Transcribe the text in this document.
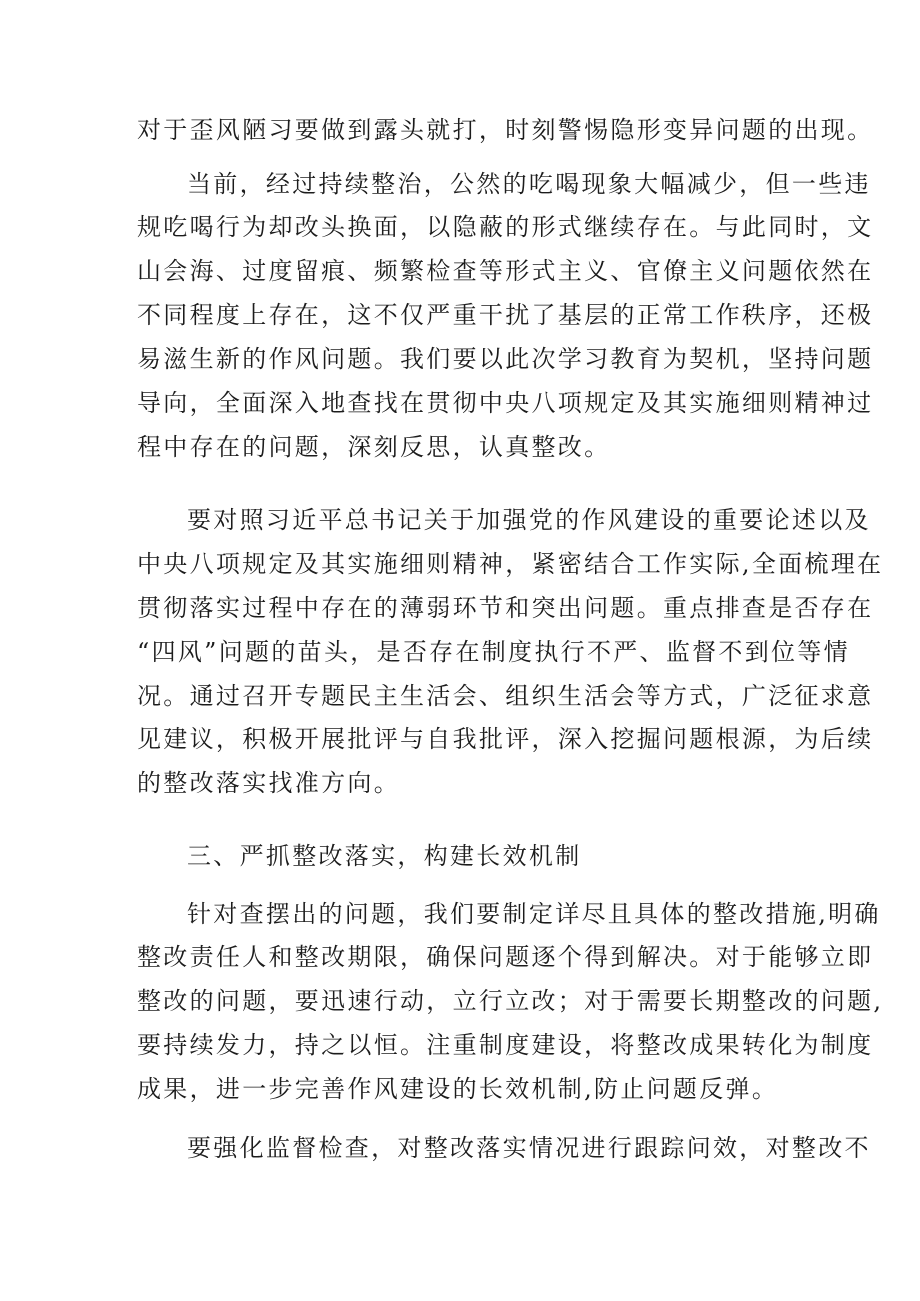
对于歪风陋习要做到露头就打，时刻警惕隐形变异问题的出现。

当前，经过持续整治，公然的吃喝现象大幅减少，但一些违

规吃喝行为却改头换面，以隐蔽的形式继续存在。与此同时，文

山会海、过度留痕、频繁检查等形式主义、官僚主义问题依然在

不同程度上存在，这不仅严重干扰了基层的正常工作秩序，还极

易滋生新的作风问题。我们要以此次学习教育为契机，坚持问题

导向，全面深入地查找在贯彻中央八项规定及其实施细则精神过

程中存在的问题，深刻反思，认真整改。

要对照习近平总书记关于加强党的作风建设的重要论述以及

中央八项规定及其实施细则精神，紧密结合工作实际,全面梳理在

贯彻落实过程中存在的薄弱环节和突出问题。重点排查是否存在

“四风”问题的苗头，是否存在制度执行不严、监督不到位等情

况。通过召开专题民主生活会、组织生活会等方式，广泛征求意

见建议，积极开展批评与自我批评，深入挖掘问题根源，为后续

的整改落实找准方向。

三、严抓整改落实，构建长效机制

针对查摆出的问题，我们要制定详尽且具体的整改措施,明确

整改责任人和整改期限，确保问题逐个得到解决。对于能够立即

整改的问题，要迅速行动，立行立改；对于需要长期整改的问题,

要持续发力，持之以恒。注重制度建设，将整改成果转化为制度

成果，进一步完善作风建设的长效机制,防止问题反弹。

要强化监督检查，对整改落实情况进行跟踪问效，对整改不
